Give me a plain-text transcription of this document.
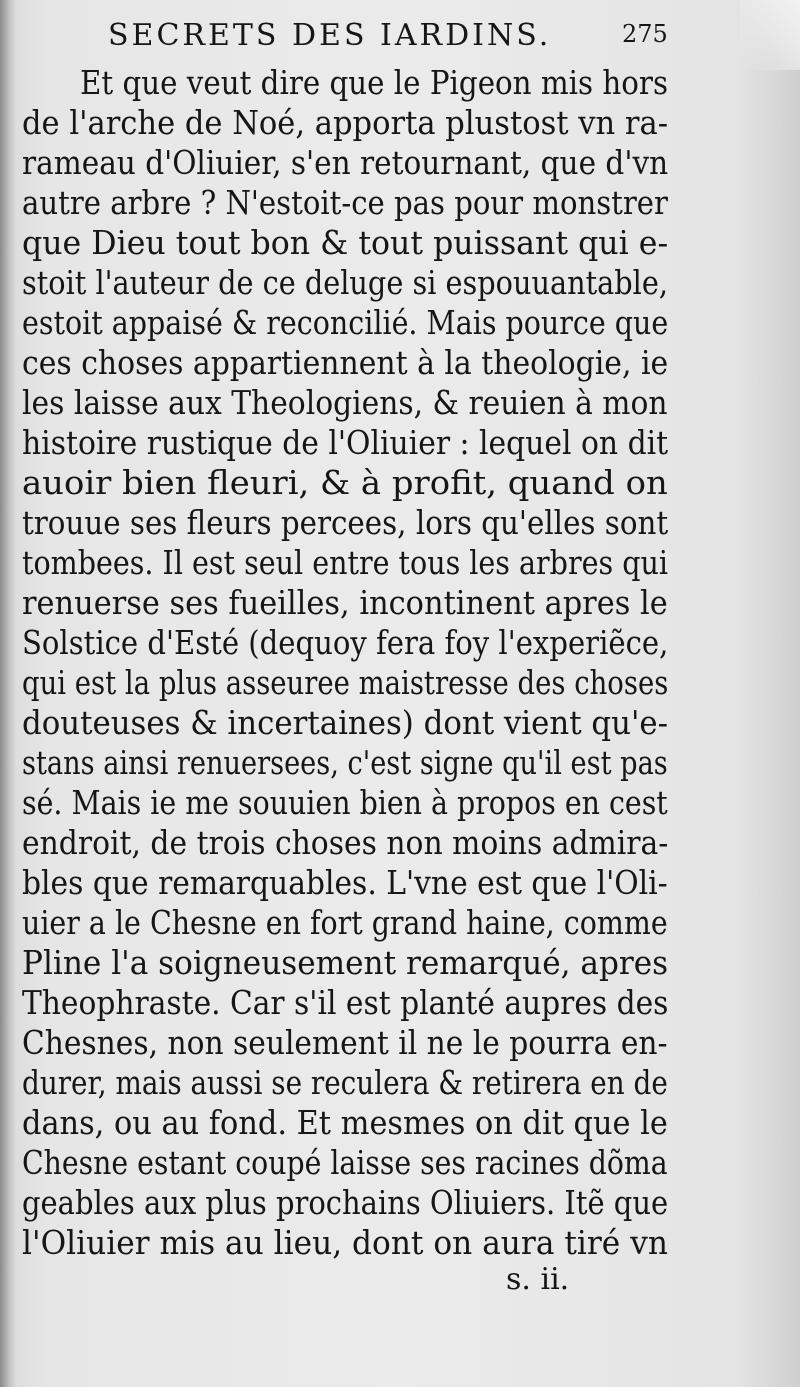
SECRETS DES IARDINS.	275
Et que veut dire que le Pigeon mis hors
de l'arche de Noé, apporta plustost vn ra-
rameau d'Oliuier, s'en retournant, que d'vn
autre arbre ? N'estoit-ce pas pour monstrer
que Dieu tout bon & tout puissant qui e-
stoit l'auteur de ce deluge si espouuantable,
estoit appaisé & reconcilié. Mais pource que
ces choses appartiennent à la theologie, ie
les laisse aux Theologiens, & reuien à mon
histoire rustique de l'Oliuier : lequel on dit
auoir bien fleuri, & à profit, quand on
trouue ses fleurs percees, lors qu'elles sont
tombees. Il est seul entre tous les arbres qui
renuerse ses fueilles, incontinent apres le
Solstice d'Esté (dequoy fera foy l'experiẽce,
qui est la plus asseuree maistresse des choses
douteuses & incertaines) dont vient qu'e-
stans ainsi renuersees, c'est signe qu'il est pas
sé. Mais ie me souuien bien à propos en cest
endroit, de trois choses non moins admira-
bles que remarquables. L'vne est que l'Oli-
uier a le Chesne en fort grand haine, comme
Pline l'a soigneusement remarqué, apres
Theophraste. Car s'il est planté aupres des
Chesnes, non seulement il ne le pourra en-
durer, mais aussi se reculera & retirera en de
dans, ou au fond. Et mesmes on dit que le
Chesne estant coupé laisse ses racines dõma
geables aux plus prochains Oliuiers. Itẽ que
l'Oliuier mis au lieu, dont on aura tiré vn
s. ii.
